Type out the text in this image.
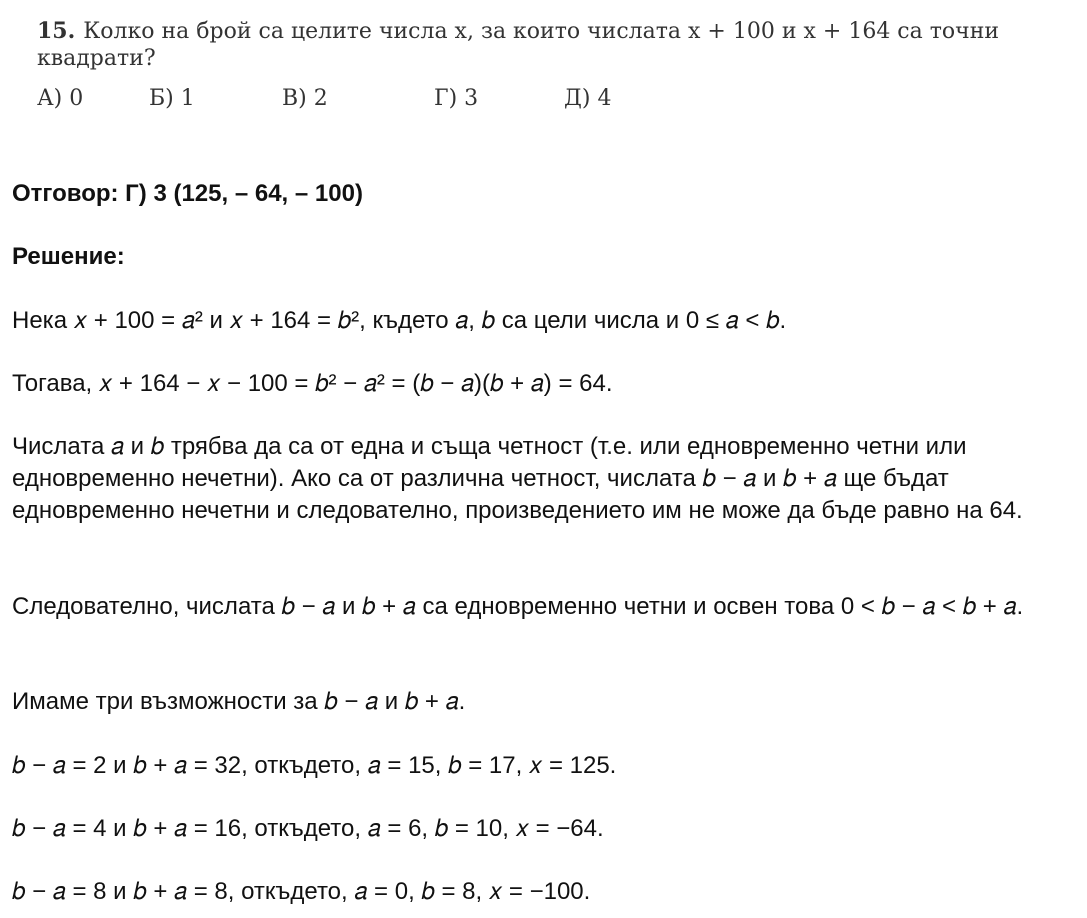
15. Колко на брой са целите числа x, за които числата x + 100 и x + 164 са точни квадрати?
А) 0	Б) 1	В) 2	Г) 3	Д) 4
Отговор: Г) 3 (125, – 64, – 100)
Решение:
Нека 𝑥 + 100 = 𝑎² и 𝑥 + 164 = 𝑏², където 𝑎, 𝑏 са цели числа и 0 ≤ 𝑎 < 𝑏.
Тогава, 𝑥 + 164 − 𝑥 − 100 = 𝑏² − 𝑎² = (𝑏 − 𝑎)(𝑏 + 𝑎) = 64.
Числата 𝑎 и 𝑏 трябва да са от една и съща четност (т.е. или едновременно четни или едновременно нечетни). Ако са от различна четност, числата 𝑏 − 𝑎 и 𝑏 + 𝑎 ще бъдат едновременно нечетни и следователно, произведението им не може да бъде равно на 64.
Следователно, числата 𝑏 − 𝑎 и 𝑏 + 𝑎 са едновременно четни и освен това 0 < 𝑏 − 𝑎 < 𝑏 + 𝑎.
Имаме три възможности за 𝑏 − 𝑎 и 𝑏 + 𝑎.
𝑏 − 𝑎 = 2 и 𝑏 + 𝑎 = 32, откъдето, 𝑎 = 15, 𝑏 = 17, 𝑥 = 125.
𝑏 − 𝑎 = 4 и 𝑏 + 𝑎 = 16, откъдето, 𝑎 = 6, 𝑏 = 10, 𝑥 = −64.
𝑏 − 𝑎 = 8 и 𝑏 + 𝑎 = 8, откъдето, 𝑎 = 0, 𝑏 = 8, 𝑥 = −100.
